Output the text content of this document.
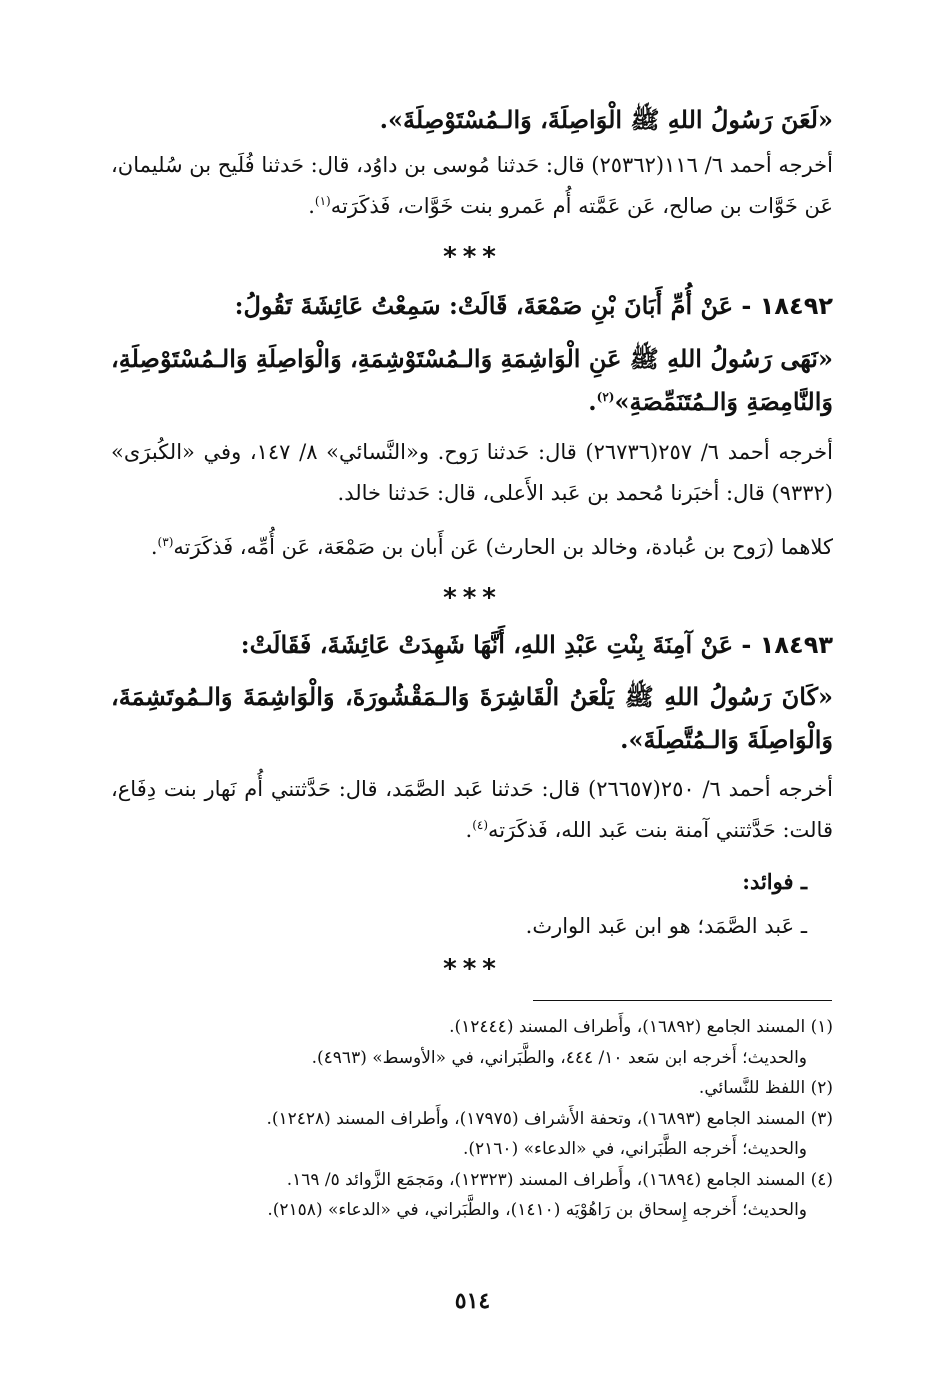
«لَعَنَ رَسُولُ اللهِ ﷺ الْوَاصِلَةَ، وَالـمُسْتَوْصِلَةَ».
أخرجه أحمد ٦/ ١١٦(٢٥٣٦٢) قال: حَدثنا مُوسى بن داوُد، قال: حَدثنا فُلَيح بن سُليمان، عَن خَوَّات بن صالح، عَن عَمَّته أُم عَمرو بنت خَوَّات، فَذكَرَته$^{(١)}$.
***
١٨٤٩٢ - عَنْ أُمِّ أَبَانَ بْنِ صَمْعَةَ، قَالَتْ: سَمِعْتُ عَائِشَةَ تَقُولُ:
«نَهَى رَسُولُ اللهِ ﷺ عَنِ الْوَاشِمَةِ وَالـمُسْتَوْشِمَةِ، وَالْوَاصِلَةِ وَالـمُسْتَوْصِلَةِ، وَالنَّامِصَةِ وَالـمُتَنَمِّصَةِ»$^{(٢)}$.
أخرجه أحمد ٦/ ٢٥٧(٢٦٧٣٦) قال: حَدثنا رَوح. و«النَّسائي» ٨/ ١٤٧، وفي «الكُبرَى» (٩٣٣٢) قال: أخبَرنا مُحمد بن عَبد الأَعلى، قال: حَدثنا خالد.
كلاهما (رَوح بن عُبادة، وخالد بن الحارث) عَن أَبان بن صَمْعَة، عَن أُمِّه، فَذكَرَته$^{(٣)}$.
***
١٨٤٩٣ - عَنْ آمِنَةَ بِنْتِ عَبْدِ اللهِ، أَنَّهَا شَهِدَتْ عَائِشَةَ، فَقَالَتْ:
«كَانَ رَسُولُ اللهِ ﷺ يَلْعَنُ الْقَاشِرَةَ وَالـمَقْشُورَةَ، وَالْوَاشِمَةَ وَالـمُوتَشِمَةَ، وَالْوَاصِلَةَ وَالـمُتَّصِلَةَ».
أخرجه أحمد ٦/ ٢٥٠(٢٦٦٥٧) قال: حَدثنا عَبد الصَّمَد، قال: حَدَّثتني أُم نَهار بنت دِفَاع، قالت: حَدَّثتني آمنة بنت عَبد الله، فَذكَرَته$^{(٤)}$.
ـ فوائد:
ـ عَبد الصَّمَد؛ هو ابن عَبد الوارث.
***
(١) المسند الجامع (١٦٨٩٢)، وأَطراف المسند (١٢٤٤٤).
والحديث؛ أَخرجه ابن سَعد ١٠/ ٤٤٤، والطَّبَراني، في «الأوسط» (٤٩٦٣).
(٢) اللفظ للنَّسائي.
(٣) المسند الجامع (١٦٨٩٣)، وتحفة الأَشراف (١٧٩٧٥)، وأَطراف المسند (١٢٤٢٨).
والحديث؛ أَخرجه الطَّبَراني، في «الدعاء» (٢١٦٠).
(٤) المسند الجامع (١٦٨٩٤)، وأَطراف المسند (١٢٣٢٣)، ومَجمَع الزَّوائد ٥/ ١٦٩.
والحديث؛ أَخرجه إِسحاق بن رَاهُوْيَه (١٤١٠)، والطَّبَراني، في «الدعاء» (٢١٥٨).
٥١٤
